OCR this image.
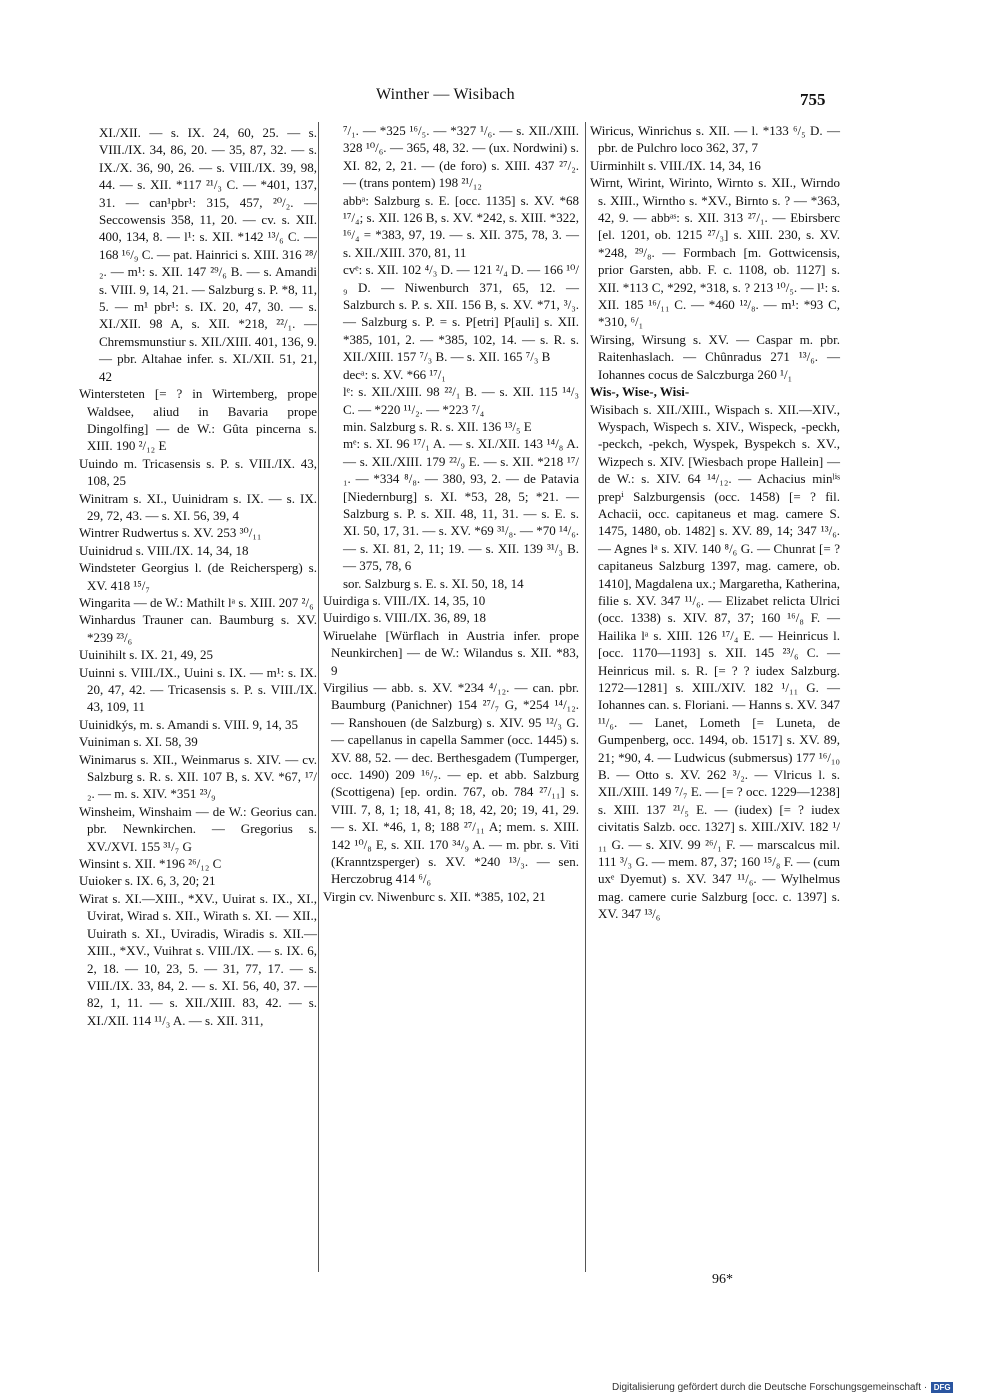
Winther — Wisibach	755

XI./XII. — s. IX. 24, 60, 25. — s. VIII./IX. 34, 86, 20. — 35, 87, 32. — s. IX./X. 36, 90, 26. — s. VIII./IX. 39, 98, 44. — s. XII. *117 ²¹/₃ C. — *401, 137, 31. — can¹pbr¹: 315, 457, ²⁰/₂. — Seccowensis 358, 11, 20. — cv. s. XII. 400, 134, 8. — l¹: s. XII. *142 ¹³/₆ C. — 168 ¹⁶/₉ C. — pat. Hainrici s. XIII. 316 ²⁸/₂. — m¹: s. XII. 147 ²⁹/₆ B. — s. Amandi s. VIII. 9, 14, 21. — Salzburg s. P. *8, 11, 5. — m¹ pbr¹: s. IX. 20, 47, 30. — s. XI./XII. 98 A, s. XII. *218, ²²/₁. — Chremsmunstiur s. XII./XIII. 401, 136, 9. — pbr. Altahae infer. s. XI./XII. 51, 21, 42

Wintersteten [= ? in Wirtemberg, prope Waldsee, aliud in Bavaria prope Dingolfing] — de W.: Gûta pincerna s. XIII. 190 ²/₁₂ E

Uuindo m. Tricasensis s. P. s. VIII./IX. 43, 108, 25

Winitram s. XI., Uuinidram s. IX. — s. IX. 29, 72, 43. — s. XI. 56, 39, 4

Wintrer Rudwertus s. XV. 253 ³⁰/₁₁

Uuinidrud s. VIII./IX. 14, 34, 18

Windsteter Georgius l. (de Reichersperg) s. XV. 418 ¹⁵/₇

Wingarita — de W.: Mathilt lᵃ s. XIII. 207 ²/₆

Winhardus Trauner can. Baumburg s. XV. *239 ²³/₆

Uuinihilt s. IX. 21, 49, 25

Uuinni s. VIII./IX., Uuini s. IX. — m¹: s. IX. 20, 47, 42. — Tricasensis s. P. s. VIII./IX. 43, 109, 11

Uuinidkýs, m. s. Amandi s. VIII. 9, 14, 35

Vuiniman s. XI. 58, 39

Winimarus s. XII., Weinmarus s. XIV. — cv. Salzburg s. R. s. XII. 107 B, s. XV. *67, ¹⁷/₂. — m. s. XIV. *351 ²³/₉

Winsheim, Winshaim — de W.: Georius can. pbr. Newnkirchen. — Gregorius s. XV./XVI. 155 ³¹/₇ G

Winsint s. XII. *196 ²⁶/₁₂ C

Uuioker s. IX. 6, 3, 20; 21

Wirat s. XI.—XIII., *XV., Uuirat s. IX., XI., Uvirat, Wirad s. XII., Wirath s. XI. — XII., Uuirath s. XI., Uviradis, Wiradis s. XII.— XIII., *XV., Vuihrat s. VIII./IX. — s. IX. 6, 2, 18. — 10, 23, 5. — 31, 77, 17. — s. VIII./IX. 33, 84, 2. — s. XI. 56, 40, 37. — 82, 1, 11. — s. XII./XIII. 83, 42. — s. XI./XII. 114 ¹¹/₃ A. — s. XII. 311,

⁷/₁. — *325 ¹⁶/₅. — *327 ¹/₆. — s. XII./XIII. 328 ¹⁰/₆. — 365, 48, 32. — (ux. Nordwini) s. XI. 82, 2, 21. — (de foro) s. XIII. 437 ²⁷/₂. — (trans pontem) 198 ²¹/₁₂

abbᵃ: Salzburg s. E. [occ. 1135] s. XV. *68 ¹⁷/₄; s. XII. 126 B, s. XV. *242, s. XIII. *322, ¹⁶/₄ = *383, 97, 19. — s. XII. 375, 78, 3. — s. XII./XIII. 370, 81, 11

cvᵉ: s. XII. 102 ⁴/₃ D. — 121 ²/₄ D. — 166 ¹⁰/₉ D. — Niwenburch 371, 65, 12. — Salzburch s. P. s. XII. 156 B, s. XV. *71, ³/₃. — Salzburg s. P. = s. P[etri] P[auli] s. XII. *385, 101, 2. — *385, 102, 14. — s. R. s. XII./XIII. 157 ⁷/₃ B. — s. XII. 165 ⁷/₃ B

decᵃ: s. XV. *66 ¹⁷/₁

lᵉ: s. XII./XIII. 98 ²²/₁ B. — s. XII. 115 ¹⁴/₃ C. — *220 ¹¹/₂. — *223 ⁷/₄

min. Salzburg s. R. s. XII. 136 ¹³/₅ E

mᵉ: s. XI. 96 ¹⁷/₁ A. — s. XI./XII. 143 ¹⁴/₈ A. — s. XII./XIII. 179 ²²/₉ E. — s. XII. *218 ¹⁷/₁. — *334 ⁸/₈. — 380, 93, 2. — de Patavia [Niedernburg] s. XI. *53, 28, 5; *21. — Salzburg s. P. s. XII. 48, 11, 31. — s. E. s. XI. 50, 17, 31. — s. XV. *69 ³¹/₈. — *70 ¹⁴/₆. — s. XI. 81, 2, 11; 19. — s. XII. 139 ³¹/₃ B. — 375, 78, 6

sor. Salzburg s. E. s. XI. 50, 18, 14

Uuirdiga s. VIII./IX. 14, 35, 10

Uuirdigo s. VIII./IX. 36, 89, 18

Wiruelahe [Würflach in Austria infer. prope Neunkirchen] — de W.: Wilandus s. XII. *83, 9

Virgilius — abb. s. XV. *234 ⁴/₁₂. — can. pbr. Baumburg (Panichner) 154 ²⁷/₇ G, *254 ¹⁴/₁₂. — Ranshouen (de Salzburg) s. XIV. 95 ¹²/₃ G. — capellanus in capella Sammer (occ. 1445) s. XV. 88, 52. — dec. Berthesgadem (Tumperger, occ. 1490) 209 ¹⁶/₇. — ep. et abb. Salzburg (Scottigena) [ep. ordin. 767, ob. 784 ²⁷/₁₁] s. VIII. 7, 8, 1; 18, 41, 8; 18, 42, 20; 19, 41, 29. — s. XI. *46, 1, 8; 188 ²⁷/₁₁ A; mem. s. XIII. 142 ¹⁰/₈ E, s. XII. 170 ³⁴/₉ A. — m. pbr. s. Viti (Kranntzsperger) s. XV. *240 ¹³/₃. — sen. Herczobrug 414 ⁶/₆

Virgin cv. Niwenburc s. XII. *385, 102, 21

Wiricus, Winrichus s. XII. — l. *133 ⁶/₅ D. — pbr. de Pulchro loco 362, 37, 7

Uirminhilt s. VIII./IX. 14, 34, 16

Wirnt, Wirint, Wirinto, Wirnto s. XII., Wirndo s. XIII., Wirntho s. *XV., Birnto s. ? — *363, 42, 9. — abbᵃˢ: s. XII. 313 ²⁷/₁. — Ebirsberc [el. 1201, ob. 1215 ²⁷/₃] s. XIII. 230, s. XV. *248, ²⁹/₈. — Formbach [m. Gottwicensis, prior Garsten, abb. F. c. 1108, ob. 1127] s. XII. *113 C, *292, *318, s. ? 213 ¹⁰/₅. — l¹: s. XII. 185 ¹⁶/₁₁ C. — *460 ¹²/₈. — m¹: *93 C, *310, ⁶/₁

Wirsing, Wirsung s. XV. — Caspar m. pbr. Raitenhaslach. — Chûnradus 271 ¹³/₆. — Iohannes cocus de Salczburga 260 ¹/₁

Wis-, Wise-, Wisi-

Wisibach s. XII./XIII., Wispach s. XII.—XIV., Wyspach, Wispech s. XIV., Wispeck, -peckh, -peckch, -pekch, Wyspek, Byspekch s. XV., Wizpech s. XIV. [Wiesbach prope Hallein] — de W.: s. XIV. 64 ¹⁴/₁₂. — Achacius minˡⁱˢ prepⁱ Salzburgensis (occ. 1458) [= ? fil. Achacii, occ. capitaneus et mag. camere S. 1475, 1480, ob. 1482] s. XV. 89, 14; 347 ¹³/₆. — Agnes lᵃ s. XIV. 140 ⁸/₆ G. — Chunrat [= ? capitaneus Salzburg 1397, mag. camere, ob. 1410], Magdalena ux.; Margaretha, Katherina, filie s. XV. 347 ¹¹/₆. — Elizabet relicta Ulrici (occ. 1338) s. XIV. 87, 37; 160 ¹⁶/₈ F. — Hailika lᵃ s. XIII. 126 ¹⁷/₄ E. — Heinricus l. [occ. 1170—1193] s. XII. 145 ²³/₆ C. — Heinricus mil. s. R. [= ? ? iudex Salzburg. 1272—1281] s. XIII./XIV. 182 ¹/₁₁ G. — Iohannes can. s. Floriani. — Hanns s. XV. 347 ¹¹/₆. — Lanet, Lometh [= Luneta, de Gumpenberg, occ. 1494, ob. 1517] s. XV. 89, 21; *90, 4. — Ludwicus (submersus) 177 ¹⁶/₁₀ B. — Otto s. XV. 262 ³/₂. — Vlricus l. s. XII./XIII. 149 ⁷/₇ E. — [= ? occ. 1229—1238] s. XIII. 137 ²¹/₅ E. — (iudex) [= ? iudex civitatis Salzb. occ. 1327] s. XIII./XIV. 182 ¹/₁₁ G. — s. XIV. 99 ²⁶/₁ F. — marscalcus mil. 111 ³/₃ G. — mem. 87, 37; 160 ¹⁵/₈ F. — (cum uxᵉ Dyemut) s. XV. 347 ¹¹/₆. — Wylhelmus mag. camere curie Salzburg [occ. c. 1397] s. XV. 347 ¹³/₆

96*
Digitalisierung gefördert durch die Deutsche Forschungsgemeinschaft · DFG
